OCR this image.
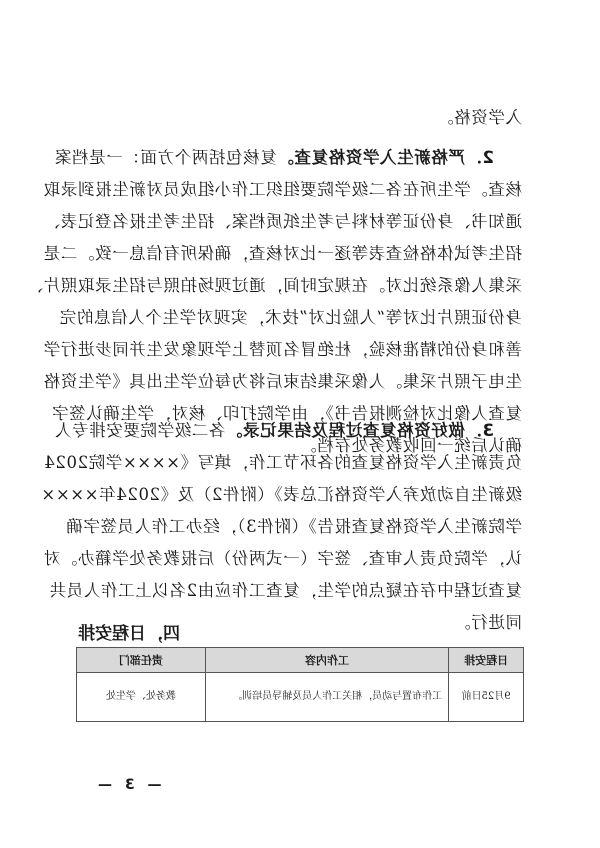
入学资格。
2．严格新生入学资格复查。复核包括两个方面：一是档案
核查。学生所在各二级学院要组织工作小组成员对新生报到录取
通知书、身份证等材料与考生纸质档案、招生考生报名登记表、
招生考试体格检查表等逐一比对核查，确保所有信息一致。二是
采集人像系统比对。在规定时间，通过现场拍照与招生录取照片、
身份证照片比对等“人脸比对”技术，实现对学生个人信息的完
善和身份的精准核验，杜绝冒名顶替上学现象发生并同步进行学
生电子照片采集。人像采集结束后将为每位学生出具《学生资格
复查人像比对检测报告书》，由学院打印、核对，学生确认签字
确认后统一回收教务处存档。
3．做好资格复查过程及结果记录。各二级学院要安排专人
负责新生入学资格复查的各环节工作，填写《××××学院2024
级新生自动放弃入学资格汇总表》（附件2）及《2024年××××
学院新生入学资格复查报告》（附件3），经办工作人员签字确
认，学院负责人审查、签字（一式两份）后报教务处学籍办。对
复查过程中存在疑点的学生，复查工作应由2名以上工作人员共
同进行。
四，日程安排
日程安排	工作内容	责任部门
9月25日前	工作布置与动员，相关工作人员及辅导员培训。	教务处、学生处
— 3 —
